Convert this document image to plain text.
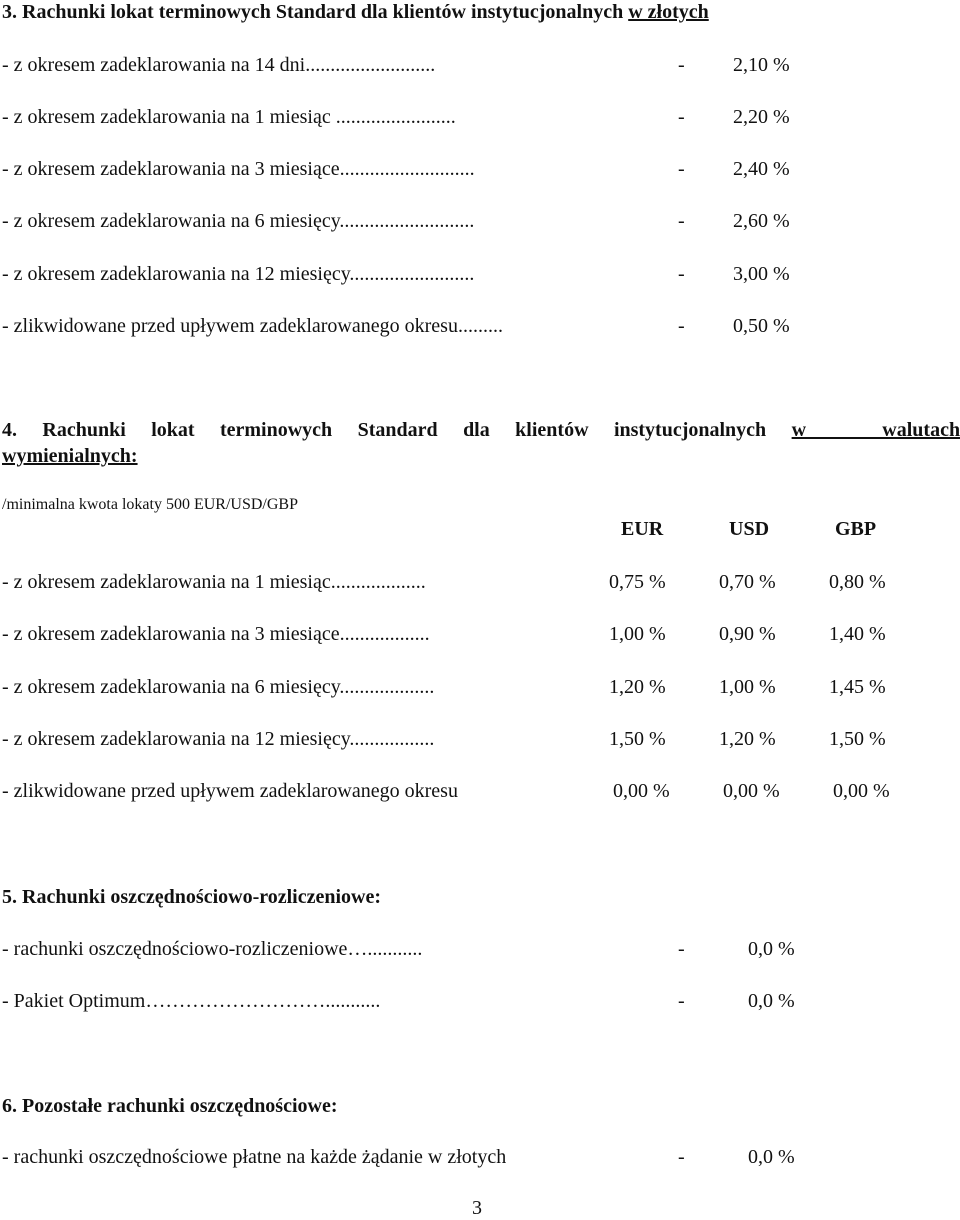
3. Rachunki lokat terminowych Standard dla klientów instytucjonalnych w złotych
- z okresem zadeklarowania na 14 dni..........................	- 2,10 %
- z okresem zadeklarowania na 1 miesiąc ........................	- 2,20 %
- z okresem zadeklarowania na 3 miesiące...........................	- 2,40 %
- z okresem zadeklarowania na 6 miesięcy...........................	- 2,60 %
- z okresem zadeklarowania na 12 miesięcy.........................	- 3,00 %
- zlikwidowane przed upływem zadeklarowanego okresu.........	- 0,50 %
4. Rachunki lokat terminowych Standard dla klientów instytucjonalnych w   walutach
wymienialnych:
/minimalna kwota lokaty 500 EUR/USD/GBP
EUR	USD	GBP
- z okresem zadeklarowania na 1 miesiąc...................	0,75 %	0,70 %	0,80 %
- z okresem zadeklarowania na 3 miesiące..................	1,00 %	0,90 %	1,40 %
- z okresem zadeklarowania na 6 miesięcy...................	1,20 %	1,00 %	1,45 %
- z okresem zadeklarowania na 12 miesięcy.................	1,50 %	1,20 %	1,50 %
- zlikwidowane przed upływem zadeklarowanego okresu	0,00 %	0,00 %	0,00 %
5. Rachunki oszczędnościowo-rozliczeniowe:
- rachunki oszczędnościowo-rozliczeniowe…...........	-	0,0 %
- Pakiet Optimum………………………...........	-	0,0 %
6. Pozostałe rachunki oszczędnościowe:
- rachunki oszczędnościowe płatne na każde żądanie w złotych	-	0,0 %
3
